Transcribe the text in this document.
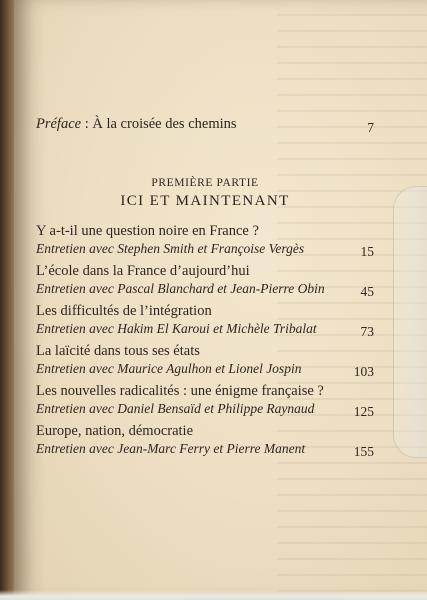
Préface : À la croisée des chemins	7
PREMIÈRE PARTIE
ICI ET MAINTENANT
Y a-t-il une question noire en France ?
Entretien avec Stephen Smith et Françoise Vergès	15
L’école dans la France d’aujourd’hui
Entretien avec Pascal Blanchard et Jean-Pierre Obin	45
Les difficultés de l’intégration
Entretien avec Hakim El Karoui et Michèle Tribalat	73
La laïcité dans tous ses états
Entretien avec Maurice Agulhon et Lionel Jospin	103
Les nouvelles radicalités : une énigme française ?
Entretien avec Daniel Bensaïd et Philippe Raynaud	125
Europe, nation, démocratie
Entretien avec Jean-Marc Ferry et Pierre Manent	155
